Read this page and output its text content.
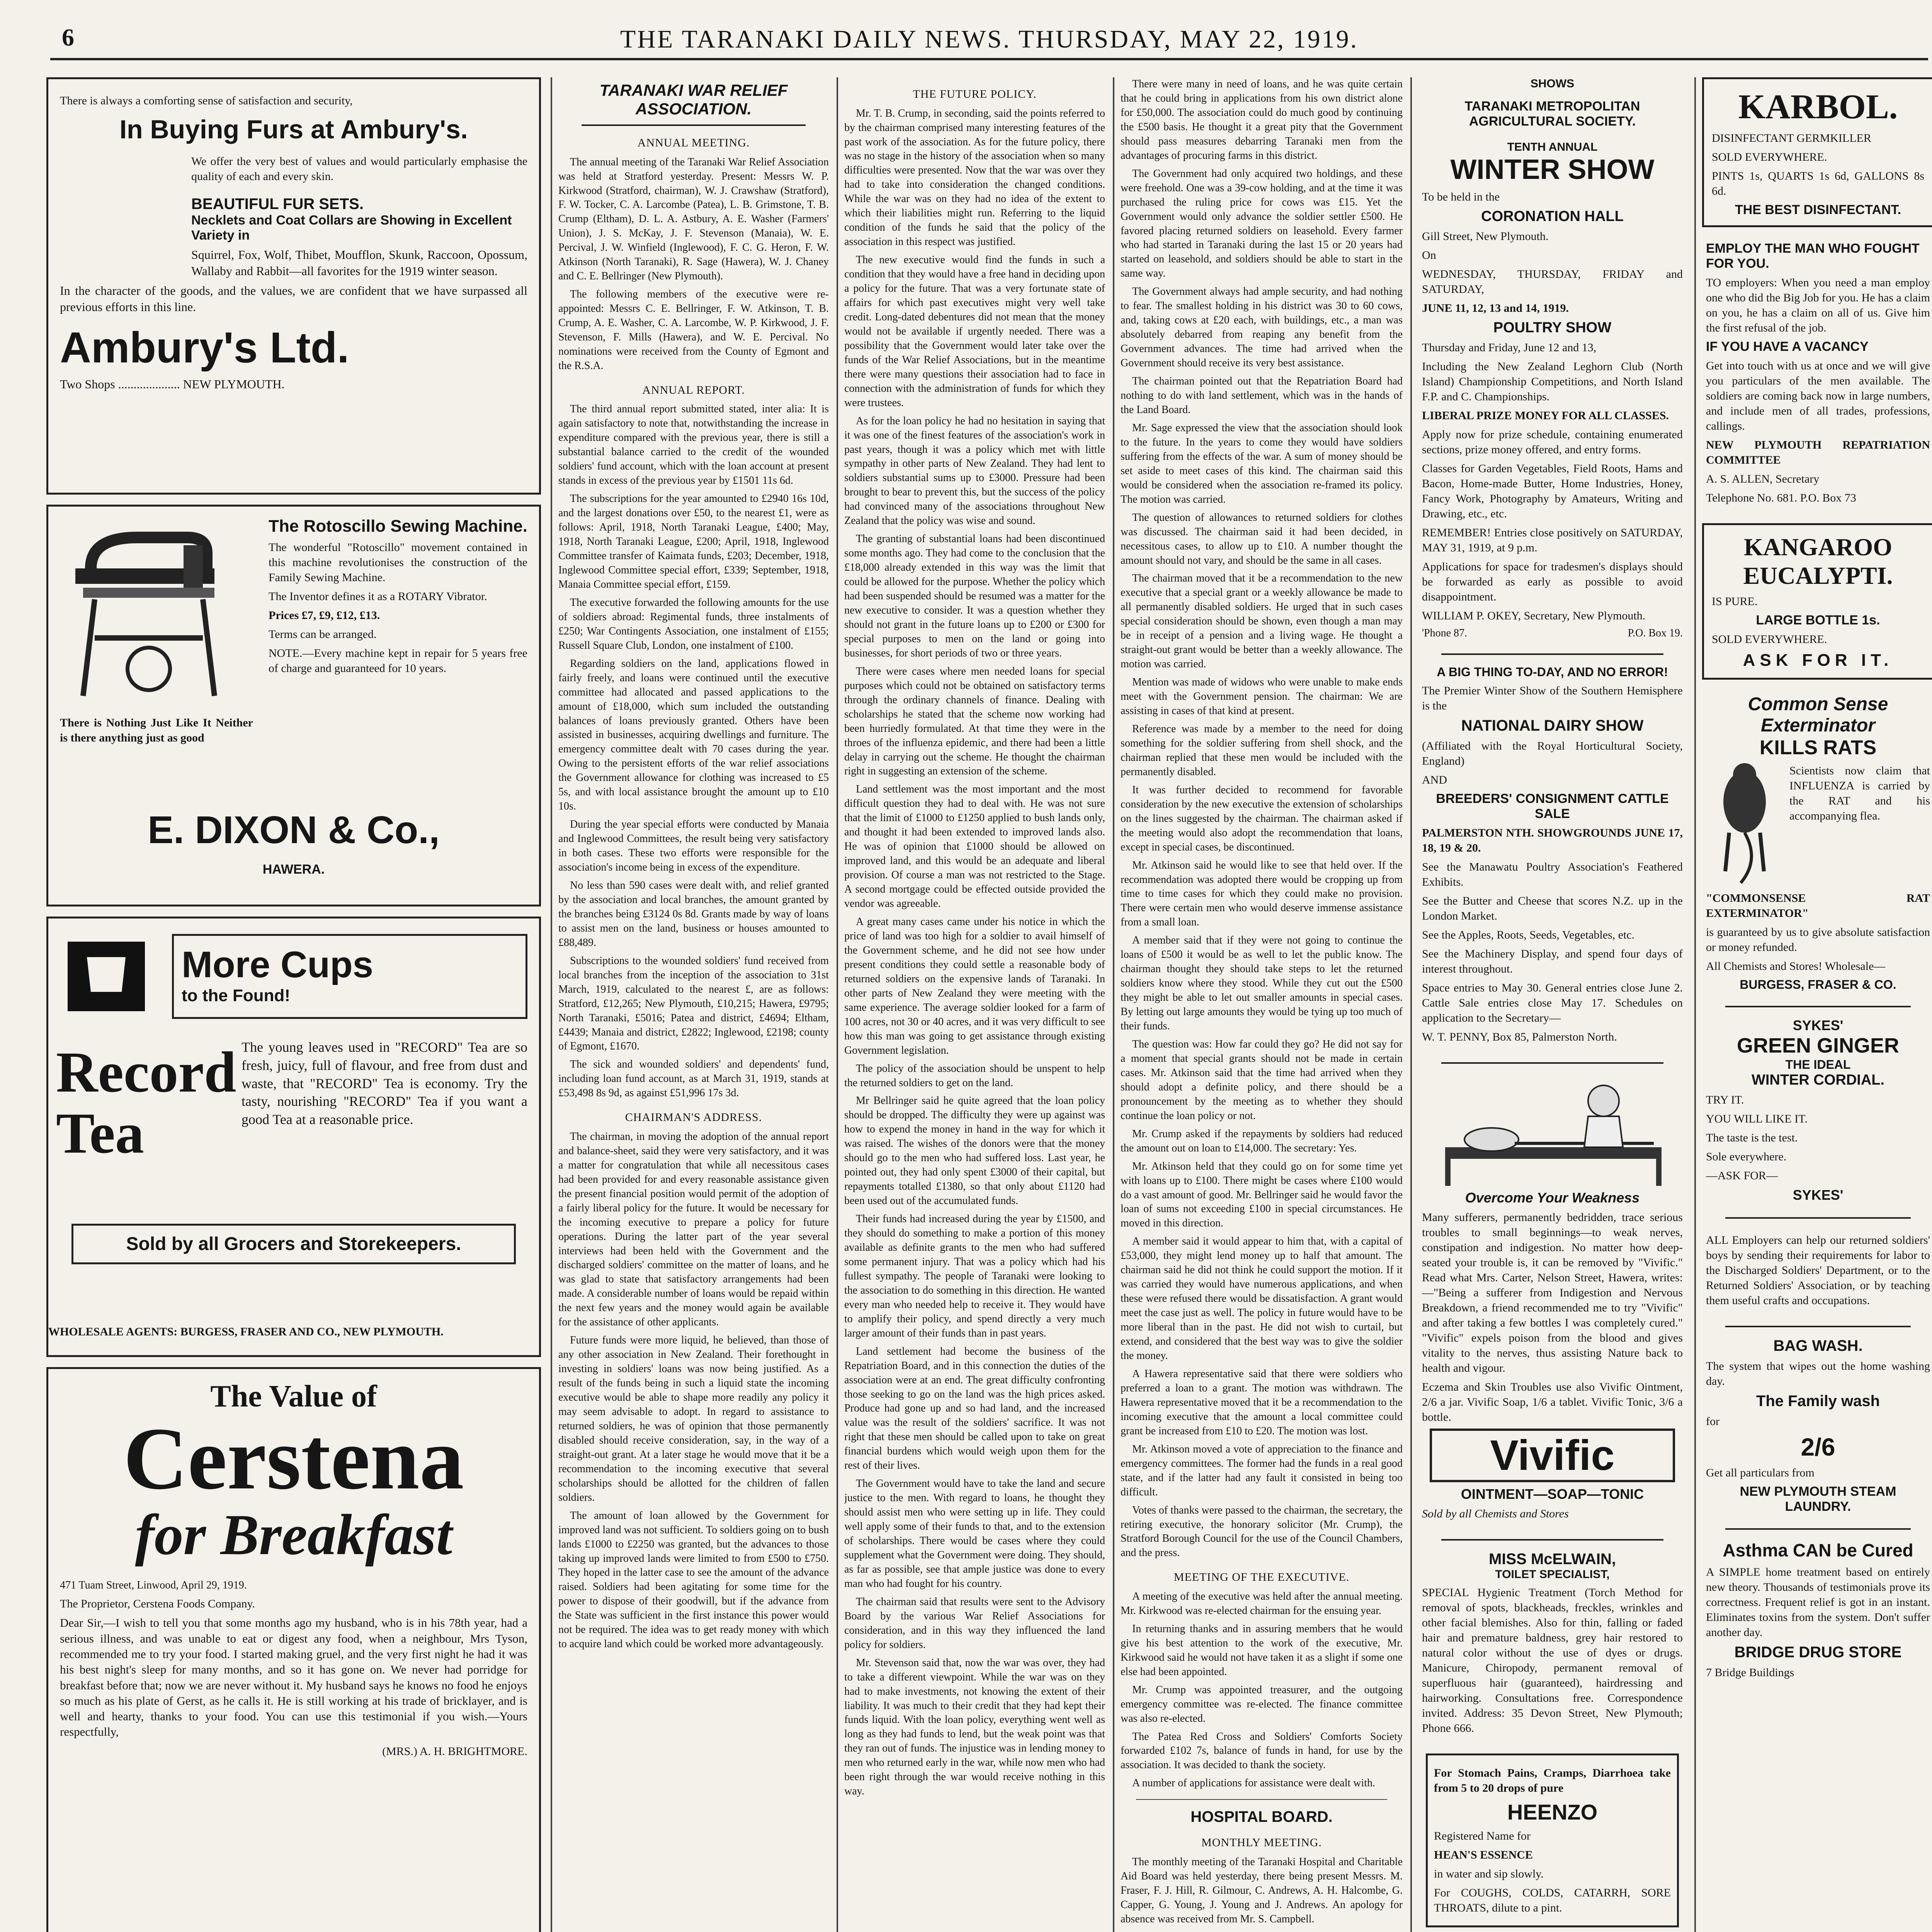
6	THE TARANAKI DAILY NEWS. THURSDAY, MAY 22, 1919.

There is always a comforting sense of satisfaction and security,

In Buying Furs at Ambury's.

We offer the very best of values and would particularly emphasise the quality of each and every skin.

BEAUTIFUL FUR SETS.
Necklets and Coat Collars are Showing in Excellent Variety in

Squirrel, Fox, Wolf, Thibet, Moufflon, Skunk, Raccoon, Opossum, Wallaby and Rabbit—all favorites for the 1919 winter season.

In the character of the goods, and the values, we are confident that we have surpassed all previous efforts in this line.

Ambury's Ltd.

Two Shops .................... NEW PLYMOUTH.

The Rotoscillo Sewing Machine.

The wonderful "Rotoscillo" movement contained in this machine revolutionises the construction of the Family Sewing Machine.

The Inventor defines it as a ROTARY Vibrator.

Prices £7, £9, £12, £13.

Terms can be arranged.

NOTE.—Every machine kept in repair for 5 years free of charge and guaranteed for 10 years.

There is Nothing Just Like It Neither is there anything just as good

E. DIXON & Co.,
HAWERA.
More Cups
to the Found!
Record Tea

The young leaves used in "RECORD" Tea are so fresh, juicy, full of flavour, and free from dust and waste, that "RECORD" Tea is economy. Try the tasty, nourishing "RECORD" Tea if you want a good Tea at a reasonable price.

Sold by all Grocers and Storekeepers.

WHOLESALE AGENTS: BURGESS, FRASER AND CO., NEW PLYMOUTH.

The Value of
Cerstena
for Breakfast

471 Tuam Street, Linwood, April 29, 1919.

The Proprietor, Cerstena Foods Company.

Dear Sir,—I wish to tell you that some months ago my husband, who is in his 78th year, had a serious illness, and was unable to eat or digest any food, when a neighbour, Mrs Tyson, recommended me to try your food. I started making gruel, and the very first night he had it was his best night's sleep for many months, and so it has gone on. We never had porridge for breakfast before that; now we are never without it. My husband says he knows no food he enjoys so much as his plate of Gerst, as he calls it. He is still working at his trade of bricklayer, and is well and hearty, thanks to your food. You can use this testimonial if you wish.—Yours respectfully,

(MRS.) A. H. BRIGHTMORE.

TARANAKI WAR RELIEF ASSOCIATION.

ANNUAL MEETING.

The annual meeting of the Taranaki War Relief Association was held at Stratford yesterday. Present: Messrs W. P. Kirkwood (Stratford, chairman), W. J. Crawshaw (Stratford), F. W. Tocker, C. A. Larcombe (Patea), L. B. Grimstone, T. B. Crump (Eltham), D. L. A. Astbury, A. E. Washer (Farmers' Union), J. S. McKay, J. F. Stevenson (Manaia), W. E. Percival, J. W. Winfield (Inglewood), F. C. G. Heron, F. W. Atkinson (North Taranaki), R. Sage (Hawera), W. J. Chaney and C. E. Bellringer (New Plymouth).

The following members of the executive were re-appointed: Messrs C. E. Bellringer, F. W. Atkinson, T. B. Crump, A. E. Washer, C. A. Larcombe, W. P. Kirkwood, J. F. Stevenson, F. Mills (Hawera), and W. E. Percival. No nominations were received from the County of Egmont and the R.S.A.

ANNUAL REPORT.

The third annual report submitted stated, inter alia: It is again satisfactory to note that, notwithstanding the increase in expenditure compared with the previous year, there is still a substantial balance carried to the credit of the wounded soldiers' fund account, which with the loan account at present stands in excess of the previous year by £1501 11s 6d.

The subscriptions for the year amounted to £2940 16s 10d, and the largest donations over £50, to the nearest £1, were as follows: April, 1918, North Taranaki League, £400; May, 1918, North Taranaki League, £200; April, 1918, Inglewood Committee transfer of Kaimata funds, £203; December, 1918, Inglewood Committee special effort, £339; September, 1918, Manaia Committee special effort, £159.

The executive forwarded the following amounts for the use of soldiers abroad: Regimental funds, three instalments of £250; War Contingents Association, one instalment of £155; Russell Square Club, London, one instalment of £100.

Regarding soldiers on the land, applications flowed in fairly freely, and loans were continued until the executive committee had allocated and passed applications to the amount of £18,000, which sum included the outstanding balances of loans previously granted. Others have been assisted in businesses, acquiring dwellings and furniture. The emergency committee dealt with 70 cases during the year. Owing to the persistent efforts of the war relief associations the Government allowance for clothing was increased to £5 5s, and with local assistance brought the amount up to £10 10s.

During the year special efforts were conducted by Manaia and Inglewood Committees, the result being very satisfactory in both cases. These two efforts were responsible for the association's income being in excess of the expenditure.

No less than 590 cases were dealt with, and relief granted by the association and local branches, the amount granted by the branches being £3124 0s 8d. Grants made by way of loans to assist men on the land, business or houses amounted to £88,489.

Subscriptions to the wounded soldiers' fund received from local branches from the inception of the association to 31st March, 1919, calculated to the nearest £, are as follows: Stratford, £12,265; New Plymouth, £10,215; Hawera, £9795; North Taranaki, £5016; Patea and district, £4694; Eltham, £4439; Manaia and district, £2822; Inglewood, £2198; county of Egmont, £1670.

The sick and wounded soldiers' and dependents' fund, including loan fund account, as at March 31, 1919, stands at £53,498 8s 9d, as against £51,996 17s 3d.

CHAIRMAN'S ADDRESS.

The chairman, in moving the adoption of the annual report and balance-sheet, said they were very satisfactory, and it was a matter for congratulation that while all necessitous cases had been provided for and every reasonable assistance given the present financial position would permit of the adoption of a fairly liberal policy for the future. It would be necessary for the incoming executive to prepare a policy for future operations. During the latter part of the year several interviews had been held with the Government and the discharged soldiers' committee on the matter of loans, and he was glad to state that satisfactory arrangements had been made. A considerable number of loans would be repaid within the next few years and the money would again be available for the assistance of other applicants.

Future funds were more liquid, he believed, than those of any other association in New Zealand. Their forethought in investing in soldiers' loans was now being justified. As a result of the funds being in such a liquid state the incoming executive would be able to shape more readily any policy it may seem advisable to adopt. In regard to assistance to returned soldiers, he was of opinion that those permanently disabled should receive consideration, say, in the way of a straight-out grant. At a later stage he would move that it be a recommendation to the incoming executive that several scholarships should be allotted for the children of fallen soldiers.

The amount of loan allowed by the Government for improved land was not sufficient. To soldiers going on to bush lands £1000 to £2250 was granted, but the advances to those taking up improved lands were limited to from £500 to £750. They hoped in the latter case to see the amount of the advance raised. Soldiers had been agitating for some time for the power to dispose of their goodwill, but if the advance from the State was sufficient in the first instance this power would not be required. The idea was to get ready money with which to acquire land which could be worked more advantageously.

THE FUTURE POLICY.

Mr. T. B. Crump, in seconding, said the points referred to by the chairman comprised many interesting features of the past work of the association. As for the future policy, there was no stage in the history of the association when so many difficulties were presented. Now that the war was over they had to take into consideration the changed conditions. While the war was on they had no idea of the extent to which their liabilities might run. Referring to the liquid condition of the funds he said that the policy of the association in this respect was justified.

The new executive would find the funds in such a condition that they would have a free hand in deciding upon a policy for the future. That was a very fortunate state of affairs for which past executives might very well take credit. Long-dated debentures did not mean that the money would not be available if urgently needed. There was a possibility that the Government would later take over the funds of the War Relief Associations, but in the meantime there were many questions their association had to face in connection with the administration of funds for which they were trustees.

As for the loan policy he had no hesitation in saying that it was one of the finest features of the association's work in past years, though it was a policy which met with little sympathy in other parts of New Zealand. They had lent to soldiers substantial sums up to £3000. Pressure had been brought to bear to prevent this, but the success of the policy had convinced many of the associations throughout New Zealand that the policy was wise and sound.

The granting of substantial loans had been discontinued some months ago. They had come to the conclusion that the £18,000 already extended in this way was the limit that could be allowed for the purpose. Whether the policy which had been suspended should be resumed was a matter for the new executive to consider. It was a question whether they should not grant in the future loans up to £200 or £300 for special purposes to men on the land or going into businesses, for short periods of two or three years.

There were cases where men needed loans for special purposes which could not be obtained on satisfactory terms through the ordinary channels of finance. Dealing with scholarships he stated that the scheme now working had been hurriedly formulated. At that time they were in the throes of the influenza epidemic, and there had been a little delay in carrying out the scheme. He thought the chairman right in suggesting an extension of the scheme.

Land settlement was the most important and the most difficult question they had to deal with. He was not sure that the limit of £1000 to £1250 applied to bush lands only, and thought it had been extended to improved lands also. He was of opinion that £1000 should be allowed on improved land, and this would be an adequate and liberal provision. Of course a man was not restricted to the Stage. A second mortgage could be effected outside provided the vendor was agreeable.

A great many cases came under his notice in which the price of land was too high for a soldier to avail himself of the Government scheme, and he did not see how under present conditions they could settle a reasonable body of returned soldiers on the expensive lands of Taranaki. In other parts of New Zealand they were meeting with the same experience. The average soldier looked for a farm of 100 acres, not 30 or 40 acres, and it was very difficult to see how this man was going to get assistance through existing Government legislation.

The policy of the association should be unspent to help the returned soldiers to get on the land.

Mr Bellringer said he quite agreed that the loan policy should be dropped. The difficulty they were up against was how to expend the money in hand in the way for which it was raised. The wishes of the donors were that the money should go to the men who had suffered loss. Last year, he pointed out, they had only spent £3000 of their capital, but repayments totalled £1380, so that only about £1120 had been used out of the accumulated funds.

Their funds had increased during the year by £1500, and they should do something to make a portion of this money available as definite grants to the men who had suffered some permanent injury. That was a policy which had his fullest sympathy. The people of Taranaki were looking to the association to do something in this direction. He wanted every man who needed help to receive it. They would have to amplify their policy, and spend directly a very much larger amount of their funds than in past years.

Land settlement had become the business of the Repatriation Board, and in this connection the duties of the association were at an end. The great difficulty confronting those seeking to go on the land was the high prices asked. Produce had gone up and so had land, and the increased value was the result of the soldiers' sacrifice. It was not right that these men should be called upon to take on great financial burdens which would weigh upon them for the rest of their lives.

The Government would have to take the land and secure justice to the men. With regard to loans, he thought they should assist men who were setting up in life. They could well apply some of their funds to that, and to the extension of scholarships. There would be cases where they could supplement what the Government were doing. They should, as far as possible, see that ample justice was done to every man who had fought for his country.

The chairman said that results were sent to the Advisory Board by the various War Relief Associations for consideration, and in this way they influenced the land policy for soldiers.

Mr. Stevenson said that, now the war was over, they had to take a different viewpoint. While the war was on they had to make investments, not knowing the extent of their liability. It was much to their credit that they had kept their funds liquid. With the loan policy, everything went well as long as they had funds to lend, but the weak point was that they ran out of funds. The injustice was in lending money to men who returned early in the war, while now men who had been right through the war would receive nothing in this way.

There were many in need of loans, and he was quite certain that he could bring in applications from his own district alone for £50,000. The association could do much good by continuing the £500 basis. He thought it a great pity that the Government should pass measures debarring Taranaki men from the advantages of procuring farms in this district.

The Government had only acquired two holdings, and these were freehold. One was a 39-cow holding, and at the time it was purchased the ruling price for cows was £15. Yet the Government would only advance the soldier settler £500. He favored placing returned soldiers on leasehold. Every farmer who had started in Taranaki during the last 15 or 20 years had started on leasehold, and soldiers should be able to start in the same way.

The Government always had ample security, and had nothing to fear. The smallest holding in his district was 30 to 60 cows, and, taking cows at £20 each, with buildings, etc., a man was absolutely debarred from reaping any benefit from the Government advances. The time had arrived when the Government should receive its very best assistance.

The chairman pointed out that the Repatriation Board had nothing to do with land settlement, which was in the hands of the Land Board.

Mr. Sage expressed the view that the association should look to the future. In the years to come they would have soldiers suffering from the effects of the war. A sum of money should be set aside to meet cases of this kind. The chairman said this would be considered when the association re-framed its policy. The motion was carried.

The question of allowances to returned soldiers for clothes was discussed. The chairman said it had been decided, in necessitous cases, to allow up to £10. A number thought the amount should not vary, and should be the same in all cases.

The chairman moved that it be a recommendation to the new executive that a special grant or a weekly allowance be made to all permanently disabled soldiers. He urged that in such cases special consideration should be shown, even though a man may be in receipt of a pension and a living wage. He thought a straight-out grant would be better than a weekly allowance. The motion was carried.

Mention was made of widows who were unable to make ends meet with the Government pension. The chairman: We are assisting in cases of that kind at present.

Reference was made by a member to the need for doing something for the soldier suffering from shell shock, and the chairman replied that these men would be included with the permanently disabled.

It was further decided to recommend for favorable consideration by the new executive the extension of scholarships on the lines suggested by the chairman. The chairman asked if the meeting would also adopt the recommendation that loans, except in special cases, be discontinued.

Mr. Atkinson said he would like to see that held over. If the recommendation was adopted there would be cropping up from time to time cases for which they could make no provision. There were certain men who would deserve immense assistance from a small loan.

A member said that if they were not going to continue the loans of £500 it would be as well to let the public know. The chairman thought they should take steps to let the returned soldiers know where they stood. While they cut out the £500 they might be able to let out smaller amounts in special cases. By letting out large amounts they would be tying up too much of their funds.

The question was: How far could they go? He did not say for a moment that special grants should not be made in certain cases. Mr. Atkinson said that the time had arrived when they should adopt a definite policy, and there should be a pronouncement by the meeting as to whether they should continue the loan policy or not.

Mr. Crump asked if the repayments by soldiers had reduced the amount out on loan to £14,000. The secretary: Yes.

Mr. Atkinson held that they could go on for some time yet with loans up to £100. There might be cases where £100 would do a vast amount of good. Mr. Bellringer said he would favor the loan of sums not exceeding £100 in special circumstances. He moved in this direction.

A member said it would appear to him that, with a capital of £53,000, they might lend money up to half that amount. The chairman said he did not think he could support the motion. If it was carried they would have numerous applications, and when these were refused there would be dissatisfaction. A grant would meet the case just as well. The policy in future would have to be more liberal than in the past. He did not wish to curtail, but extend, and considered that the best way was to give the soldier the money.

A Hawera representative said that there were soldiers who preferred a loan to a grant. The motion was withdrawn. The Hawera representative moved that it be a recommendation to the incoming executive that the amount a local committee could grant be increased from £10 to £20. The motion was lost.

Mr. Atkinson moved a vote of appreciation to the finance and emergency committees. The former had the funds in a real good state, and if the latter had any fault it consisted in being too difficult.

Votes of thanks were passed to the chairman, the secretary, the retiring executive, the honorary solicitor (Mr. Crump), the Stratford Borough Council for the use of the Council Chambers, and the press.

MEETING OF THE EXECUTIVE.

A meeting of the executive was held after the annual meeting. Mr. Kirkwood was re-elected chairman for the ensuing year.

In returning thanks and in assuring members that he would give his best attention to the work of the executive, Mr. Kirkwood said he would not have taken it as a slight if some one else had been appointed.

Mr. Crump was appointed treasurer, and the outgoing emergency committee was re-elected. The finance committee was also re-elected.

The Patea Red Cross and Soldiers' Comforts Society forwarded £102 7s, balance of funds in hand, for use by the association. It was decided to thank the society.

A number of applications for assistance were dealt with.

HOSPITAL BOARD.

MONTHLY MEETING.

The monthly meeting of the Taranaki Hospital and Charitable Aid Board was held yesterday, there being present Messrs. M. Fraser, F. J. Hill, R. Gilmour, C. Andrews, A. H. Halcombe, G. Capper, G. Young, J. Young and J. Andrews. An apology for absence was received from Mr. S. Campbell.

SHOWS
TARANAKI METROPOLITAN AGRICULTURAL SOCIETY.
TENTH ANNUAL
WINTER SHOW

To be held in the

CORONATION HALL

Gill Street, New Plymouth.

On

WEDNESDAY, THURSDAY, FRIDAY and SATURDAY,

JUNE 11, 12, 13 and 14, 1919.

POULTRY SHOW

Thursday and Friday, June 12 and 13,

Including the New Zealand Leghorn Club (North Island) Championship Competitions, and North Island F.P. and C. Championships.

LIBERAL PRIZE MONEY FOR ALL CLASSES.

Apply now for prize schedule, containing enumerated sections, prize money offered, and entry forms.

Classes for Garden Vegetables, Field Roots, Hams and Bacon, Home-made Butter, Home Industries, Honey, Fancy Work, Photography by Amateurs, Writing and Drawing, etc., etc.

REMEMBER! Entries close positively on SATURDAY, MAY 31, 1919, at 9 p.m.

Applications for space for tradesmen's displays should be forwarded as early as possible to avoid disappointment.

WILLIAM P. OKEY, Secretary, New Plymouth.

'Phone 87.	P.O. Box 19.
A BIG THING TO-DAY, AND NO ERROR!

The Premier Winter Show of the Southern Hemisphere is the

NATIONAL DAIRY SHOW

(Affiliated with the Royal Horticultural Society, England)

AND

BREEDERS' CONSIGNMENT CATTLE SALE

PALMERSTON NTH. SHOWGROUNDS JUNE 17, 18, 19 & 20.

See the Manawatu Poultry Association's Feathered Exhibits.

See the Butter and Cheese that scores N.Z. up in the London Market.

See the Apples, Roots, Seeds, Vegetables, etc.

See the Machinery Display, and spend four days of interest throughout.

Space entries to May 30. General entries close June 2. Cattle Sale entries close May 17. Schedules on application to the Secretary—

W. T. PENNY, Box 85, Palmerston North.

Overcome Your Weakness

Many sufferers, permanently bedridden, trace serious troubles to small beginnings—to weak nerves, constipation and indigestion. No matter how deep-seated your trouble is, it can be removed by "Vivific." Read what Mrs. Carter, Nelson Street, Hawera, writes:—"Being a sufferer from Indigestion and Nervous Breakdown, a friend recommended me to try "Vivific" and after taking a few bottles I was completely cured." "Vivific" expels poison from the blood and gives vitality to the nerves, thus assisting Nature back to health and vigour.

Eczema and Skin Troubles use also Vivific Ointment, 2/6 a jar. Vivific Soap, 1/6 a tablet. Vivific Tonic, 3/6 a bottle.

Vivific
OINTMENT—SOAP—TONIC

Sold by all Chemists and Stores

MISS McELWAIN,
TOILET SPECIALIST,

SPECIAL Hygienic Treatment (Torch Method for removal of spots, blackheads, freckles, wrinkles and other facial blemishes. Also for thin, falling or faded hair and premature baldness, grey hair restored to natural color without the use of dyes or drugs. Manicure, Chiropody, permanent removal of superfluous hair (guaranteed), hairdressing and hairworking. Consultations free. Correspondence invited. Address: 35 Devon Street, New Plymouth; Phone 666.

For Stomach Pains, Cramps, Diarrhoea take from 5 to 20 drops of pure

HEENZO

Registered Name for

HEAN'S ESSENCE

in water and sip slowly.

For COUGHS, COLDS, CATARRH, SORE THROATS, dilute to a pint.

KARBOL.

DISINFECTANT GERMKILLER

SOLD EVERYWHERE.

PINTS 1s, QUARTS 1s 6d, GALLONS 8s 6d.

THE BEST DISINFECTANT.
EMPLOY THE MAN WHO FOUGHT FOR YOU.

TO employers: When you need a man employ one who did the Big Job for you. He has a claim on you, he has a claim on all of us. Give him the first refusal of the job.

IF YOU HAVE A VACANCY

Get into touch with us at once and we will give you particulars of the men available. The soldiers are coming back now in large numbers, and include men of all trades, professions, callings.

NEW PLYMOUTH REPATRIATION COMMITTEE

A. S. ALLEN, Secretary

Telephone No. 681. P.O. Box 73

KANGAROO EUCALYPTI.

IS PURE.

LARGE BOTTLE 1s.

SOLD EVERYWHERE.

ASK FOR IT.
Common Sense Exterminator
KILLS RATS

Scientists now claim that INFLUENZA is carried by the RAT and his accompanying flea.

"COMMONSENSE RAT EXTERMINATOR"

is guaranteed by us to give absolute satisfaction or money refunded.

All Chemists and Stores! Wholesale—

BURGESS, FRASER & CO.
SYKES'
GREEN GINGER
THE IDEAL
WINTER CORDIAL.

TRY IT.

YOU WILL LIKE IT.

The taste is the test.

Sole everywhere.

—ASK FOR—

SYKES'

ALL Employers can help our returned soldiers' boys by sending their requirements for labor to the Discharged Soldiers' Department, or to the Returned Soldiers' Association, or by teaching them useful crafts and occupations.

BAG WASH.

The system that wipes out the home washing day.

The Family wash

for

2/6

Get all particulars from

NEW PLYMOUTH STEAM LAUNDRY.
Asthma CAN be Cured

A SIMPLE home treatment based on entirely new theory. Thousands of testimonials prove its correctness. Frequent relief is got in an instant. Eliminates toxins from the system. Don't suffer another day.

BRIDGE DRUG STORE

7 Bridge Buildings
